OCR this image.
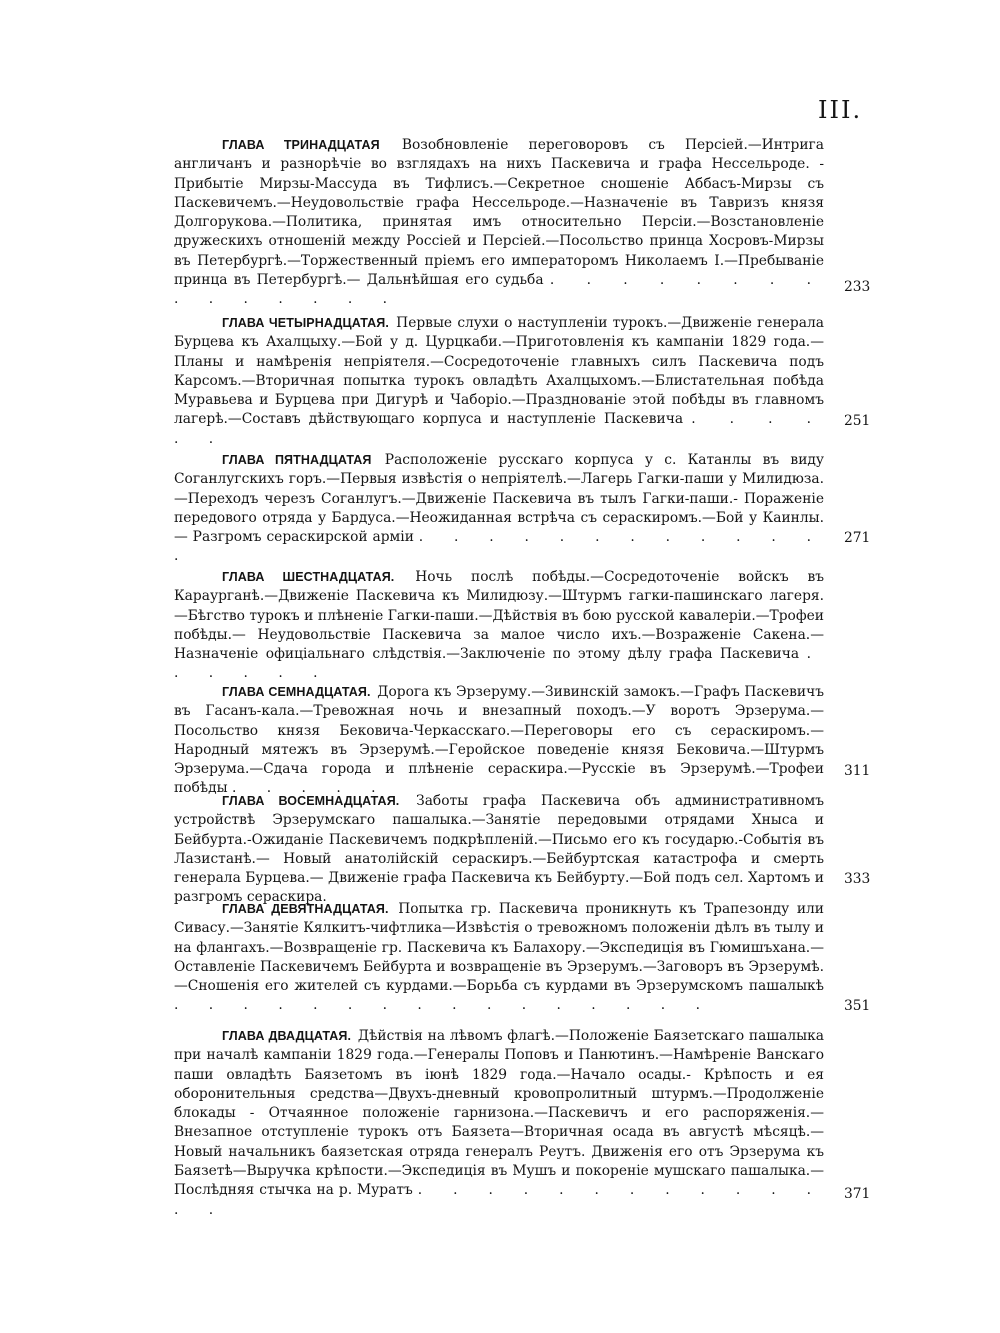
III.
ГЛАВА ТРИНАДЦАТАЯ Возобновленіе переговоровъ съ Персіей.—Интрига англичанъ и разнорѣчіе во взглядахъ на нихъ Паскевича и графа Нессельроде. - Прибытіе Мирзы-Массуда въ Тифлисъ.—Секретное сношеніе Аббасъ-Мирзы съ Паскевичемъ.—Неудовольствіе графа Нессельроде.—Назначеніе въ Тавризъ князя Долгорукова.—Политика, принятая имъ относительно Персіи.—Возстановленіе дружескихъ отношеній между Россіей и Персіей.—Посольство принца Хосровъ-Мирзы въ Петербургѣ.—Торжественный пріемъ его императоромъ Николаемъ I.—Пребываніе принца въ Петербургѣ.— Дальнѣйшая его судьба . . . . . . . . . . . . . . .
233
ГЛАВА ЧЕТЫРНАДЦАТАЯ. Первые слухи о наступленіи турокъ.—Движеніе генерала Бурцева къ Ахалцыху.—Бой у д. Цурцкаби.—Приготовленія къ кампаніи 1829 года.—Планы и намѣренія непріятеля.—Сосредоточеніе главныхъ силъ Паскевича подъ Карсомъ.—Вторичная попытка турокъ овладѣть Ахалцыхомъ.—Блистательная побѣда Муравьева и Бурцева при Дигурѣ и Чаборіо.—Празднованіе этой побѣды въ главномъ лагерѣ.—Составъ дѣйствующаго корпуса и наступленіе Паскевича . . . . . .
251
ГЛАВА ПЯТНАДЦАТАЯ Расположеніе русскаго корпуса у с. Катанлы въ виду Соганлугскихъ горъ.—Первыя извѣстія о непріятелѣ.—Лагерь Гагки-паши у Милидюза.—Переходъ черезъ Соганлугъ.—Движеніе Паскевича въ тылъ Гагки-паши.- Пораженіе передового отряда у Бардуса.—Неожиданная встрѣча съ сераскиромъ.—Бой у Каинлы.— Разгромъ сераскирской арміи . . . . . . . . . . . . .
271
ГЛАВА ШЕСТНАДЦАТАЯ. Ночь послѣ побѣды.—Сосредоточеніе войскъ въ Караурганѣ.—Движеніе Паскевича къ Милидюзу.—Штурмъ гагки-пашинскаго лагеря.—Бѣгство турокъ и плѣненіе Гагки-паши.—Дѣйствія въ бою русской кавалеріи.—Трофеи побѣды.— Неудовольствіе Паскевича за малое число ихъ.—Возраженіе Сакена.—Назначеніе офиціальнаго слѣдствія.—Заключеніе по этому дѣлу графа Паскевича . . . . . .
ГЛАВА СЕМНАДЦАТАЯ. Дорога къ Эрзеруму.—Зивинскій замокъ.—Графъ Паскевичъ въ Гасанъ-кала.—Тревожная ночь и внезапный походъ.—У воротъ Эрзерума.—Посольство князя Бековича-Черкасскаго.—Переговоры его съ сераскиромъ.—Народный мятежъ въ Эрзерумѣ.—Геройское поведеніе князя Бековича.—Штурмъ Эрзерума.—Сдача города и плѣненіе сераскира.—Русскіе въ Эрзерумѣ.—Трофеи побѣды . . . . .
311
ГЛАВА ВОСЕМНАДЦАТАЯ. Заботы графа Паскевича объ административномъ устройствѣ Эрзерумскаго пашалыка.—Занятіе передовыми отрядами Хныса и Бейбурта.-Ожиданіе Паскевичемъ подкрѣпленій.—Письмо его къ государю.-Событія въ Лазистанѣ.— Новый анатолійскій сераскиръ.—Бейбуртская катастрофа и смерть генерала Бурцева.— Движеніе графа Паскевича къ Бейбурту.—Бой подъ сел. Хартомъ и разгромъ сераскира.
333
ГЛАВА ДЕВЯТНАДЦАТАЯ. Попытка гр. Паскевича проникнуть къ Трапезонду или Сивасу.—Занятіе Кялкитъ-чифтлика—Извѣстія о тревожномъ положеніи дѣлъ въ тылу и на флангахъ.—Возвращеніе гр. Паскевича къ Балахору.—Экспедиція въ Гюмишъхана.—Оставленіе Паскевичемъ Бейбурта и возвращеніе въ Эрзерумъ.—Заговоръ въ Эрзерумѣ.—Сношенія его жителей съ курдами.—Борьба съ курдами въ Эрзерумскомъ пашалыкѣ . . . . . . . . . . . . . . . .	351
ГЛАВА ДВАДЦАТАЯ. Дѣйствія на лѣвомъ флагѣ.—Положеніе Баязетскаго пашалыка при началѣ кампаніи 1829 года.—Генералы Поповъ и Панютинъ.—Намѣреніе Ванскаго паши овладѣть Баязетомъ въ іюнѣ 1829 года.—Начало осады.- Крѣпость и ея оборонительныя средства—Двухъ-дневный кровопролитный штурмъ.—Продолженіе блокады - Отчаянное положеніе гарнизона.—Паскевичъ и его распоряженія.—Внезапное отступленіе турокъ отъ Баязета—Вторичная осада въ августѣ мѣсяцѣ.—Новый начальникъ баязетская отряда генералъ Реутъ. Движенія его отъ Эрзерума къ Баязетѣ—Выручка крѣпости.—Экспедиція въ Мушъ и покореніе мушскаго пашалыка.—Послѣдняя стычка на р. Муратъ . . . . . . . . . . . . . .
371
